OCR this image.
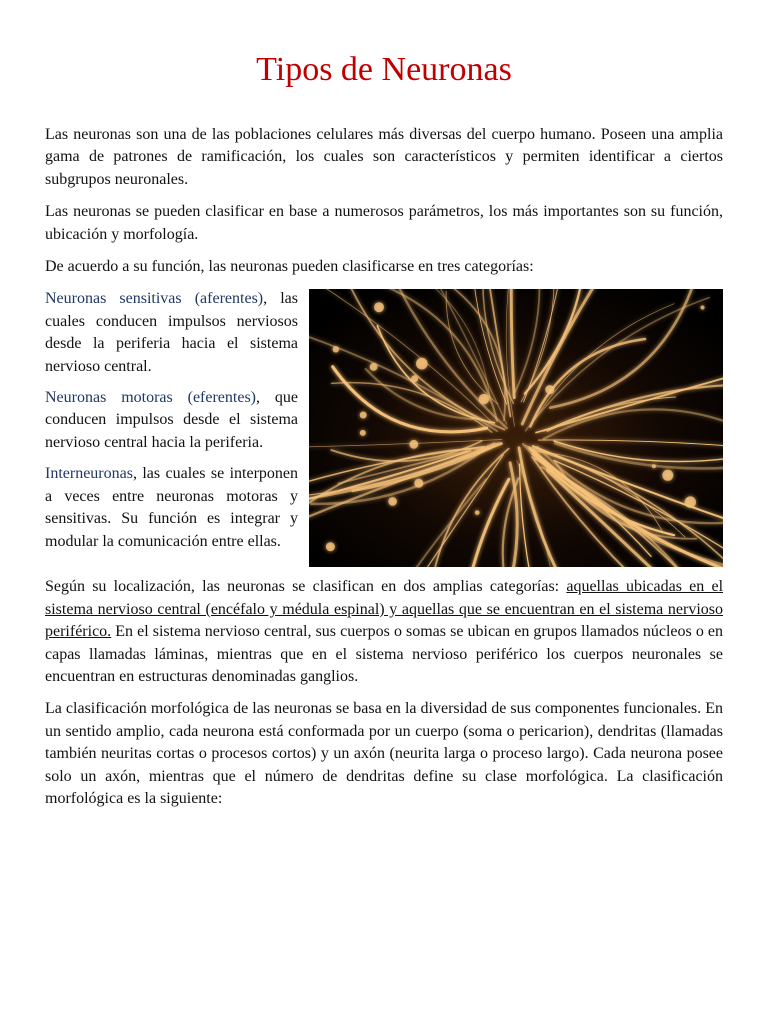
Tipos de Neuronas

Las neuronas son una de las poblaciones celulares más diversas del cuerpo humano. Poseen una amplia gama de patrones de ramificación, los cuales son característicos y permiten identificar a ciertos subgrupos neuronales.

Las neuronas se pueden clasificar en base a numerosos parámetros, los más importantes son su función, ubicación y morfología.

De acuerdo a su función, las neuronas pueden clasificarse en tres categorías:

Neuronas sensitivas (aferentes), las cuales conducen impulsos nerviosos desde la periferia hacia el sistema nervioso central.

Neuronas motoras (eferentes), que conducen impulsos desde el sistema nervioso central hacia la periferia.

Interneuronas, las cuales se interponen a veces entre neuronas motoras y sensitivas. Su función es integrar y modular la comunicación entre ellas.

Según su localización, las neuronas se clasifican en dos amplias categorías: aquellas ubicadas en el sistema nervioso central (encéfalo y médula espinal) y aquellas que se encuentran en el sistema nervioso periférico. En el sistema nervioso central, sus cuerpos o somas se ubican en grupos llamados núcleos o en capas llamadas láminas, mientras que en el sistema nervioso periférico los cuerpos neuronales se encuentran en estructuras denominadas ganglios.

La clasificación morfológica de las neuronas se basa en la diversidad de sus componentes funcionales. En un sentido amplio, cada neurona está conformada por un cuerpo (soma o pericarion), dendritas (llamadas también neuritas cortas o procesos cortos) y un axón (neurita larga o proceso largo). Cada neurona posee solo un axón, mientras que el número de dendritas define su clase morfológica. La clasificación morfológica es la siguiente:
